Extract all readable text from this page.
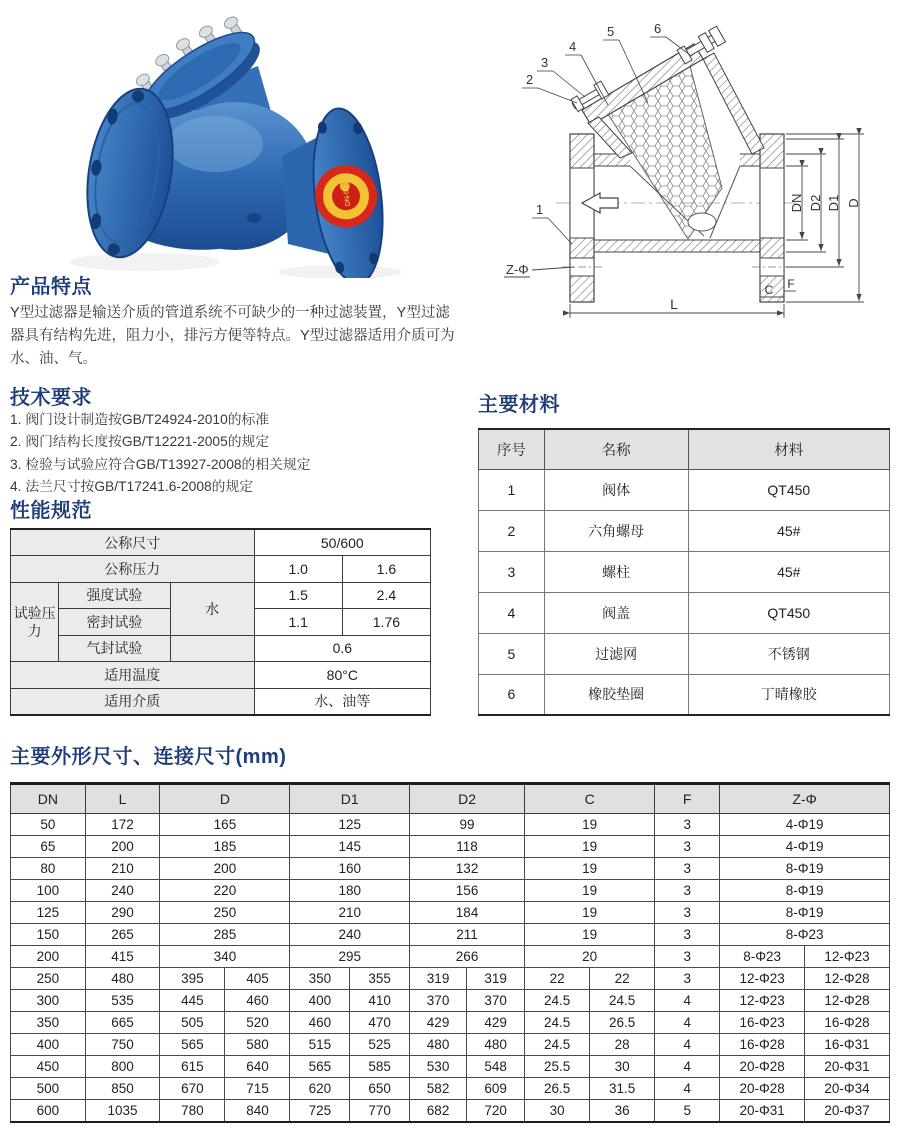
DN-50	DN D2 D1 D
L
C F
Z-Φ
1
2
3
4
5	6
产品特点
Y型过滤器是输送介质的管道系统不可缺少的一种过滤装置，Y型过滤器具有结构先进，阻力小，排污方便等特点。Y型过滤器适用介质可为水、油、气。
技术要求
1. 阀门设计制造按GB/T24924-2010的标准
2. 阀门结构长度按GB/T12221-2005的规定
3. 检验与试验应符合GB/T13927-2008的相关规定
4. 法兰尺寸按GB/T17241.6-2008的规定
性能规范
公称尺寸			50/600	
公称压力			1.0	1.6
试验压力	强度试验	水	1.5	2.4
	密封试验		1.1	1.76
	气封试验		0.6	
适用温度			80°C	
适用介质			水、油等	
主要材料
序号	名称	材料
1	阀体	QT450
2	六角螺母	45#
3	螺柱	45#
4	阀盖	QT450
5	过滤网	不锈钢
6	橡胶垫圈	丁晴橡胶
主要外形尺寸、连接尺寸(mm)
DN	L	D		D1		D2		C		F	Z-Φ	
50	172	165		125		99		19		3	4-Φ19	
65	200	185		145		118		19		3	4-Φ19	
80	210	200		160		132		19		3	8-Φ19	
100	240	220		180		156		19		3	8-Φ19	
125	290	250		210		184		19		3	8-Φ19	
150	265	285		240		211		19		3	8-Φ23	
200	415	340		295		266		20		3	8-Φ23	12-Φ23
250	480	395	405	350	355	319	319	22	22	3	12-Φ23	12-Φ28
300	535	445	460	400	410	370	370	24.5	24.5	4	12-Φ23	12-Φ28
350	665	505	520	460	470	429	429	24.5	26.5	4	16-Φ23	16-Φ28
400	750	565	580	515	525	480	480	24.5	28	4	16-Φ28	16-Φ31
450	800	615	640	565	585	530	548	25.5	30	4	20-Φ28	20-Φ31
500	850	670	715	620	650	582	609	26.5	31.5	4	20-Φ28	20-Φ34
600	1035	780	840	725	770	682	720	30	36	5	20-Φ31	20-Φ37
